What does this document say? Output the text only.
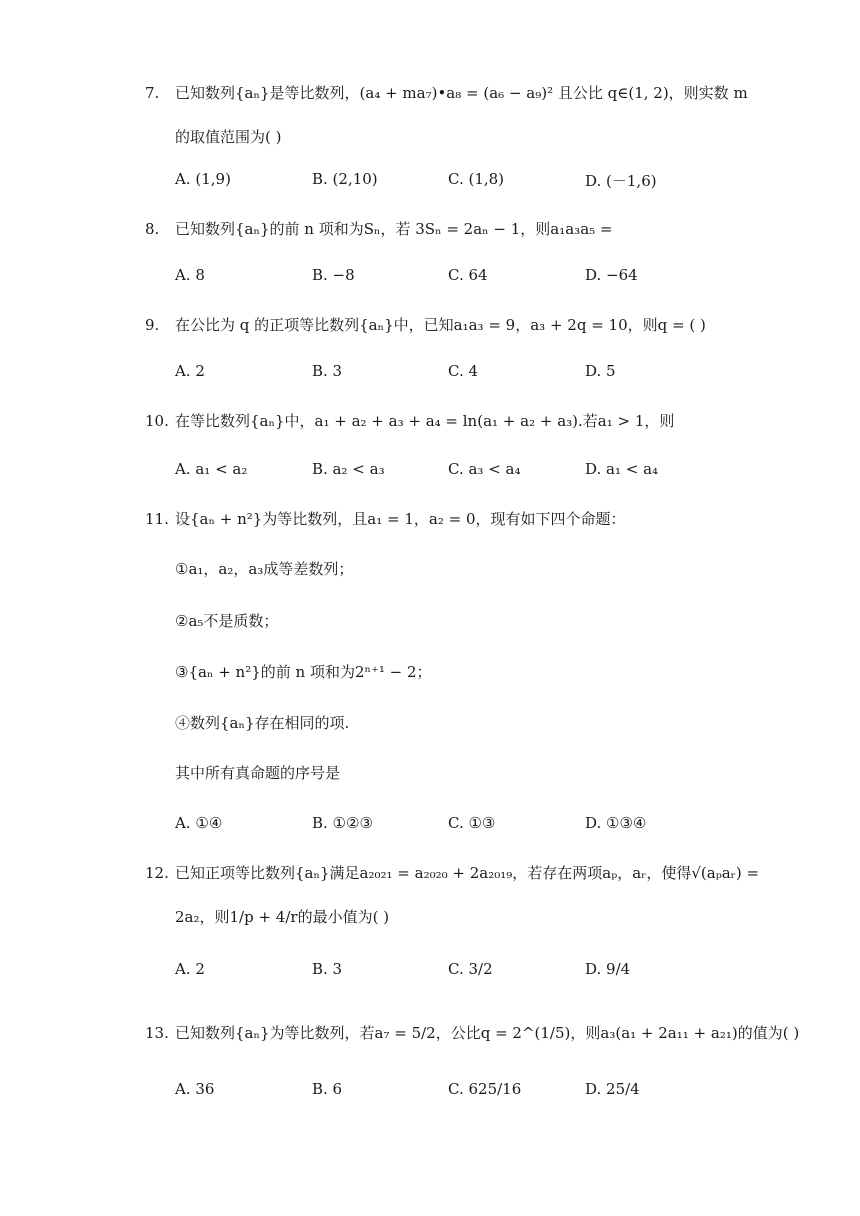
7. 已知数列{aₙ}是等比数列，(a₄ + ma₇)•a₈ = (a₆ − a₉)² 且公比 q∈(1, 2)，则实数 m
的取值范围为( )
A. (1,9)	B. (2,10)	C. (1,8)	D. (－1,6)
8. 已知数列{aₙ}的前 n 项和为Sₙ，若 3Sₙ = 2aₙ − 1，则a₁a₃a₅ =
A. 8	B. −8	C. 64	D. −64
9. 在公比为 q 的正项等比数列{aₙ}中，已知a₁a₃ = 9，a₃ + 2q = 10，则q = ( )
A. 2	B. 3	C. 4	D. 5
10. 在等比数列{aₙ}中，a₁ + a₂ + a₃ + a₄ = ln(a₁ + a₂ + a₃).若a₁ > 1，则
A. a₁ < a₂	B. a₂ < a₃	C. a₃ < a₄	D. a₁ < a₄
11. 设{aₙ + n²}为等比数列，且a₁ = 1，a₂ = 0，现有如下四个命题：
①a₁，a₂，a₃成等差数列；
②a₅不是质数；
③{aₙ + n²}的前 n 项和为2ⁿ⁺¹ − 2；
④数列{aₙ}存在相同的项.
其中所有真命题的序号是
A. ①④	B. ①②③	C. ①③	D. ①③④
12. 已知正项等比数列{aₙ}满足a₂₀₂₁ = a₂₀₂₀ + 2a₂₀₁₉，若存在两项aₚ，aᵣ，使得√(aₚaᵣ) =
2a₂，则1/p + 4/r的最小值为( )
A. 2	B. 3	C. 3/2	D. 9/4
13. 已知数列{aₙ}为等比数列，若a₇ = 5/2，公比q = 2^(1/5)，则a₃(a₁ + 2a₁₁ + a₂₁)的值为( )
A. 36	B. 6	C. 625/16	D. 25/4
